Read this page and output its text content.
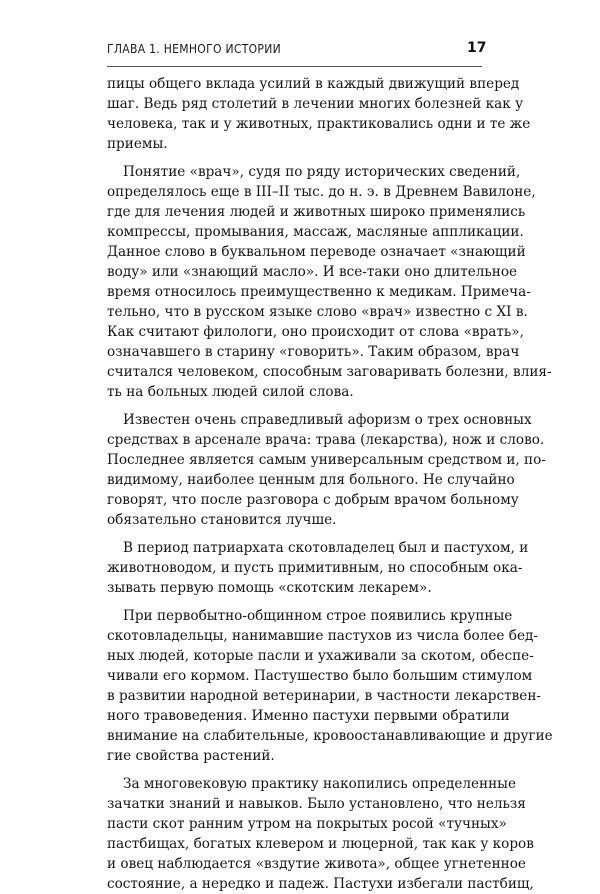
ГЛАВА 1. НЕМНОГО ИСТОРИИ	17
пицы общего вклада усилий в каждый движущий вперед
шаг. Ведь ряд столетий в лечении многих болезней как у
человека, так и у животных, практиковались одни и те же
приемы.
Понятие «врач», судя по ряду исторических сведений,
определялось еще в III–II тыс. до н. э. в Древнем Вавилоне,
где для лечения людей и животных широко применялись
компрессы, промывания, массаж, масляные аппликации.
Данное слово в буквальном переводе означает «знающий
воду» или «знающий масло». И все-таки оно длительное
время относилось преимущественно к медикам. Примеча-
тельно, что в русском языке слово «врач» известно с XI в.
Как считают филологи, оно происходит от слова «врать»,
означавшего в старину «говорить». Таким образом, врач
считался человеком, способным заговаривать болезни, влия-
ть на больных людей силой слова.
Известен очень справедливый афоризм о трех основных
средствах в арсенале врача: трава (лекарства), нож и слово.
Последнее является самым универсальным средством и, по-
видимому, наиболее ценным для больного. Не случайно
говорят, что после разговора с добрым врачом больному
обязательно становится лучше.
В период патриархата скотовладелец был и пастухом, и
животноводом, и пусть примитивным, но способным ока-
зывать первую помощь «скотским лекарем».
При первобытно-общинном строе появились крупные
скотовладельцы, нанимавшие пастухов из числа более бед-
ных людей, которые пасли и ухаживали за скотом, обеспе-
чивали его кормом. Пастушество было большим стимулом
в развитии народной ветеринарии, в частности лекарствен-
ного травоведения. Именно пастухи первыми обратили
внимание на слабительные, кровоостанавливающие и другие
гие свойства растений.
За многовековую практику накопились определенные
зачатки знаний и навыков. Было установлено, что нельзя
пасти скот ранним утром на покрытых росой «тучных»
пастбищах, богатых клевером и люцерной, так как у коров
и овец наблюдается «вздутие живота», общее угнетенное
состояние, а нередко и падеж. Пастухи избегали пастбищ,
